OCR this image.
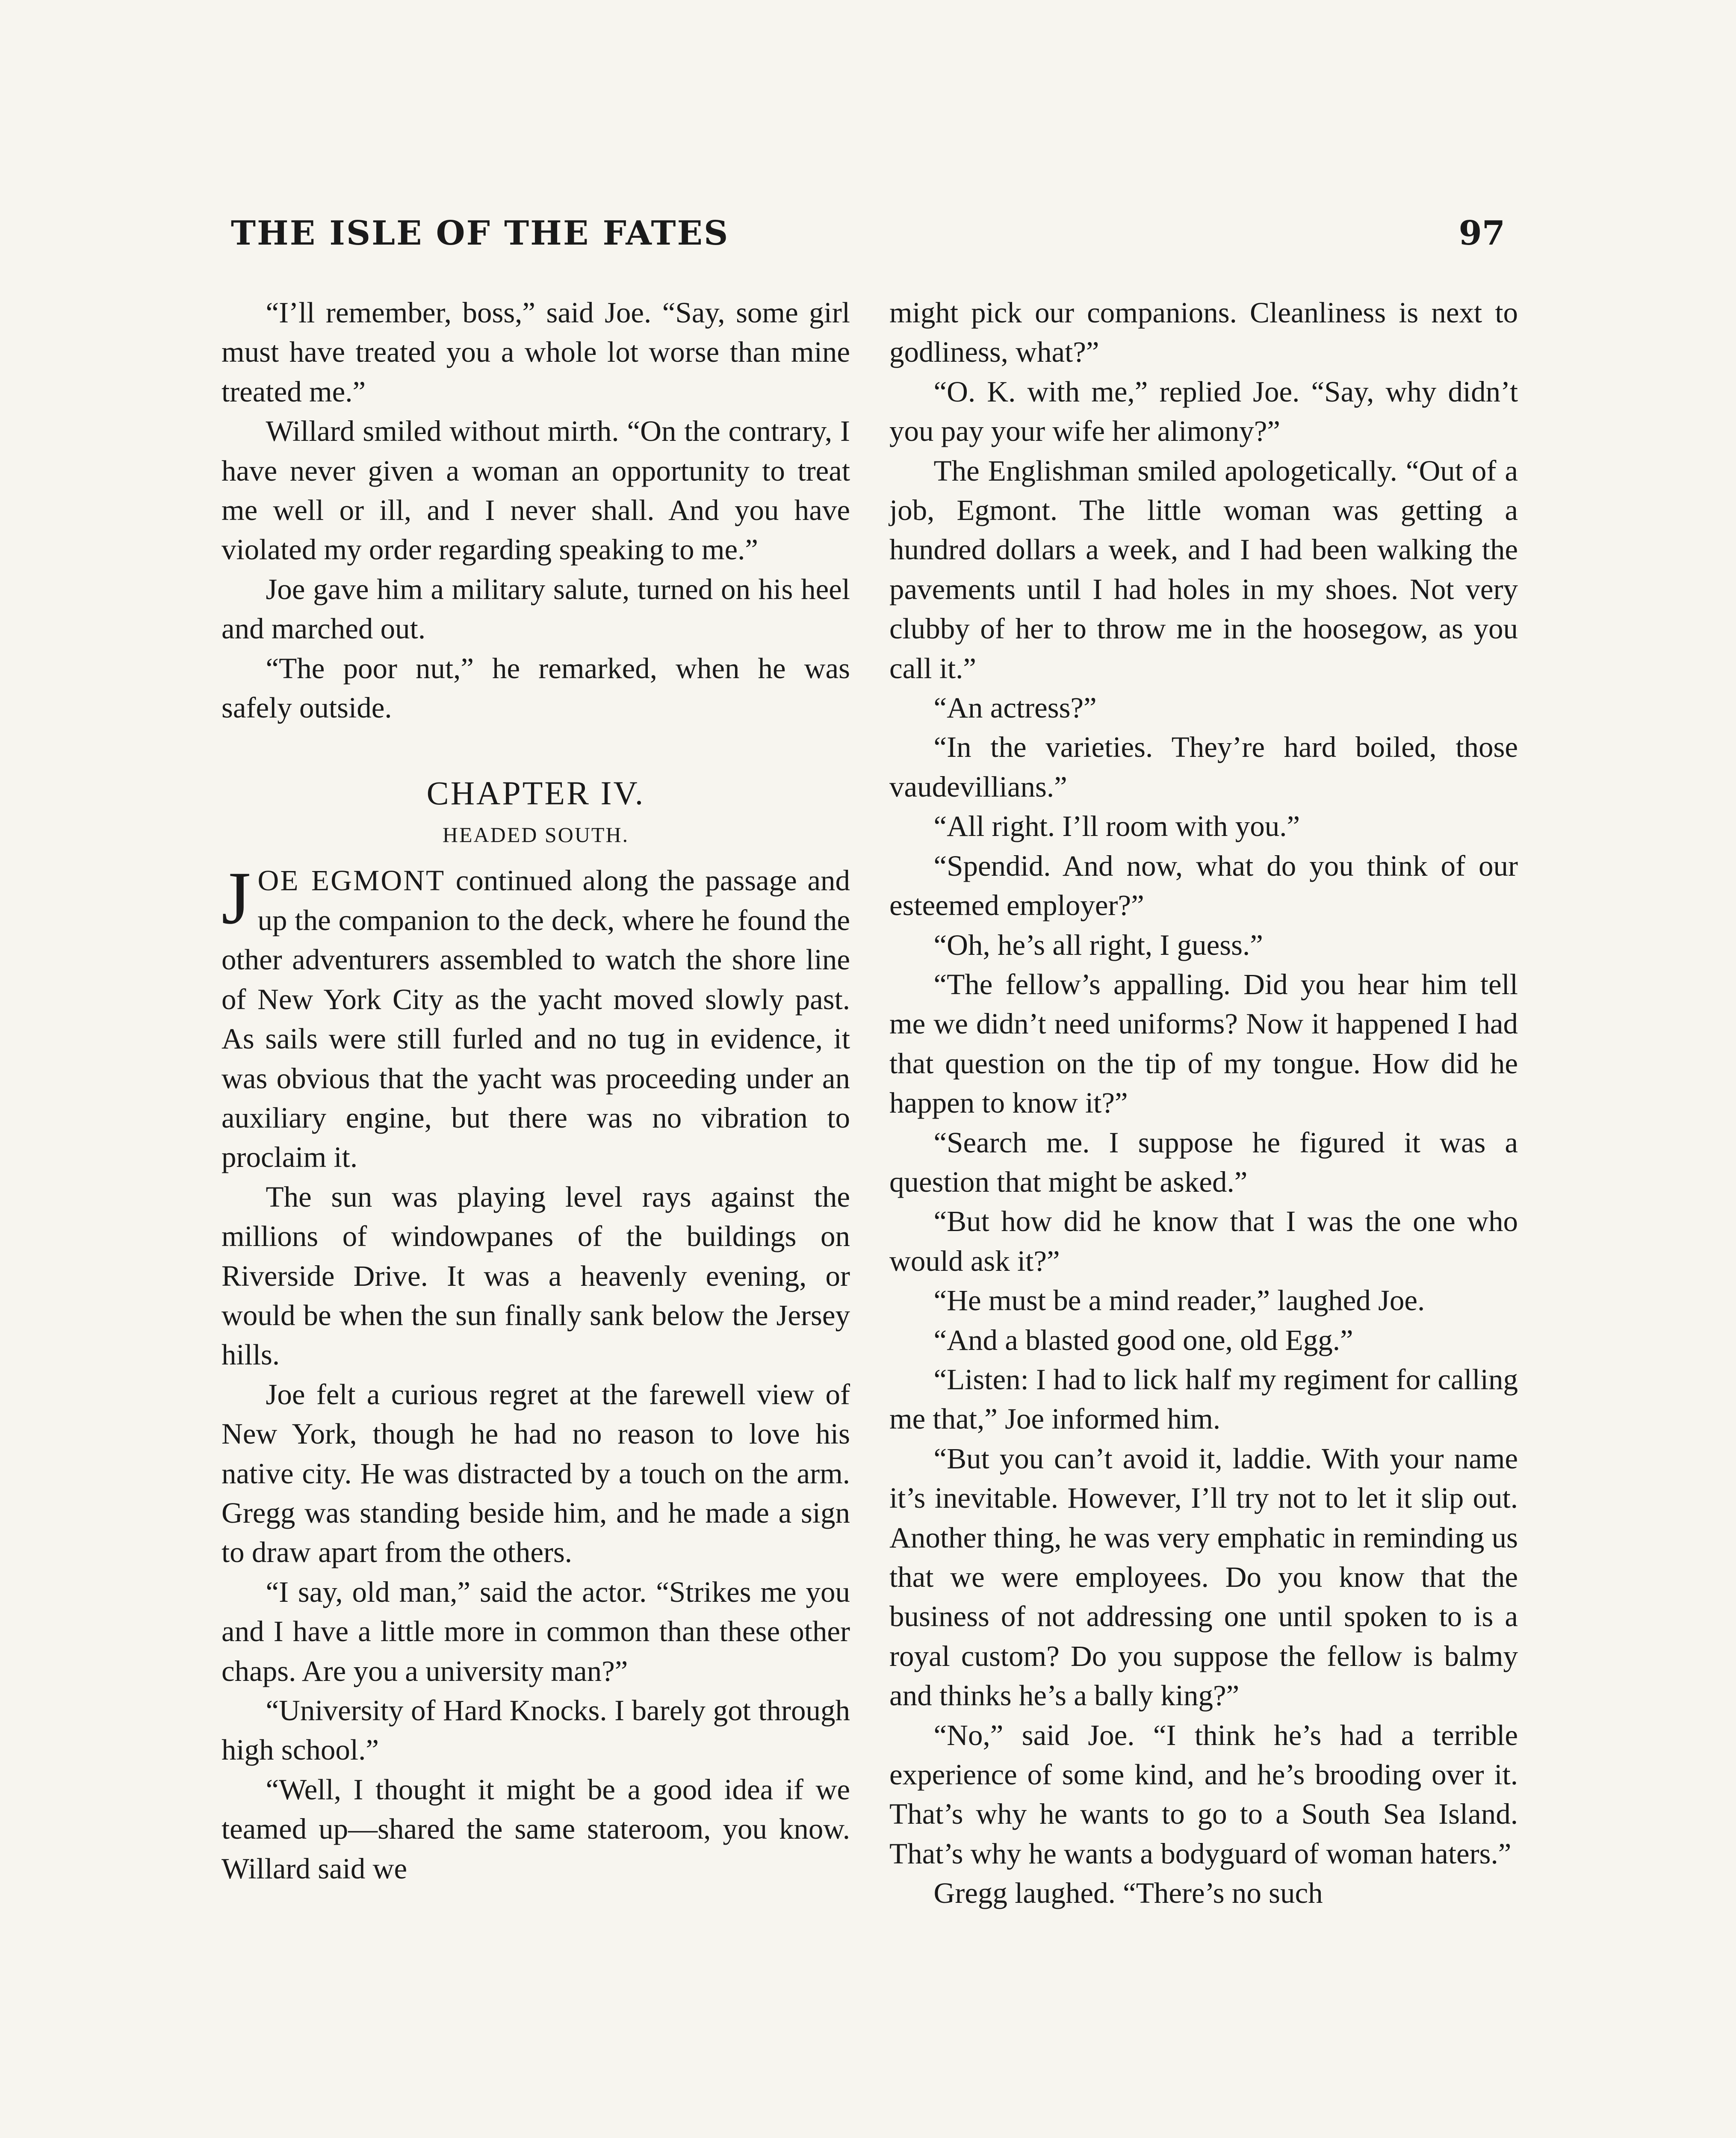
THE ISLE OF THE FATES	97

“I’ll remember, boss,” said Joe. “Say, some girl must have treated you a whole lot worse than mine treated me.”

Willard smiled without mirth. “On the contrary, I have never given a woman an opportunity to treat me well or ill, and I never shall. And you have violated my order regarding speaking to me.”

Joe gave him a military salute, turned on his heel and marched out.

“The poor nut,” he remarked, when he was safely outside.

CHAPTER IV.
HEADED SOUTH.

JOE EGMONT continued along the passage and up the companion to the deck, where he found the other adventurers assembled to watch the shore line of New York City as the yacht moved slowly past. As sails were still furled and no tug in evidence, it was obvious that the yacht was proceeding under an auxiliary engine, but there was no vibration to proclaim it.

The sun was playing level rays against the millions of windowpanes of the buildings on Riverside Drive. It was a heavenly evening, or would be when the sun finally sank below the Jersey hills.

Joe felt a curious regret at the farewell view of New York, though he had no reason to love his native city. He was distracted by a touch on the arm. Gregg was standing beside him, and he made a sign to draw apart from the others.

“I say, old man,” said the actor. “Strikes me you and I have a little more in common than these other chaps. Are you a university man?”

“University of Hard Knocks. I barely got through high school.”

“Well, I thought it might be a good idea if we teamed up—shared the same stateroom, you know. Willard said we

might pick our companions. Cleanliness is next to godliness, what?”

“O. K. with me,” replied Joe. “Say, why didn’t you pay your wife her alimony?”

The Englishman smiled apologetically. “Out of a job, Egmont. The little woman was getting a hundred dollars a week, and I had been walking the pavements until I had holes in my shoes. Not very clubby of her to throw me in the hoosegow, as you call it.”

“An actress?”

“In the varieties. They’re hard boiled, those vaudevillians.”

“All right. I’ll room with you.”

“Spendid. And now, what do you think of our esteemed employer?”

“Oh, he’s all right, I guess.”

“The fellow’s appalling. Did you hear him tell me we didn’t need uniforms? Now it happened I had that question on the tip of my tongue. How did he happen to know it?”

“Search me. I suppose he figured it was a question that might be asked.”

“But how did he know that I was the one who would ask it?”

“He must be a mind reader,” laughed Joe.

“And a blasted good one, old Egg.”

“Listen: I had to lick half my regiment for calling me that,” Joe informed him.

“But you can’t avoid it, laddie. With your name it’s inevitable. However, I’ll try not to let it slip out. Another thing, he was very emphatic in reminding us that we were employees. Do you know that the business of not addressing one until spoken to is a royal custom? Do you suppose the fellow is balmy and thinks he’s a bally king?”

“No,” said Joe. “I think he’s had a terrible experience of some kind, and he’s brooding over it. That’s why he wants to go to a South Sea Island. That’s why he wants a bodyguard of woman haters.”

Gregg laughed. “There’s no such
